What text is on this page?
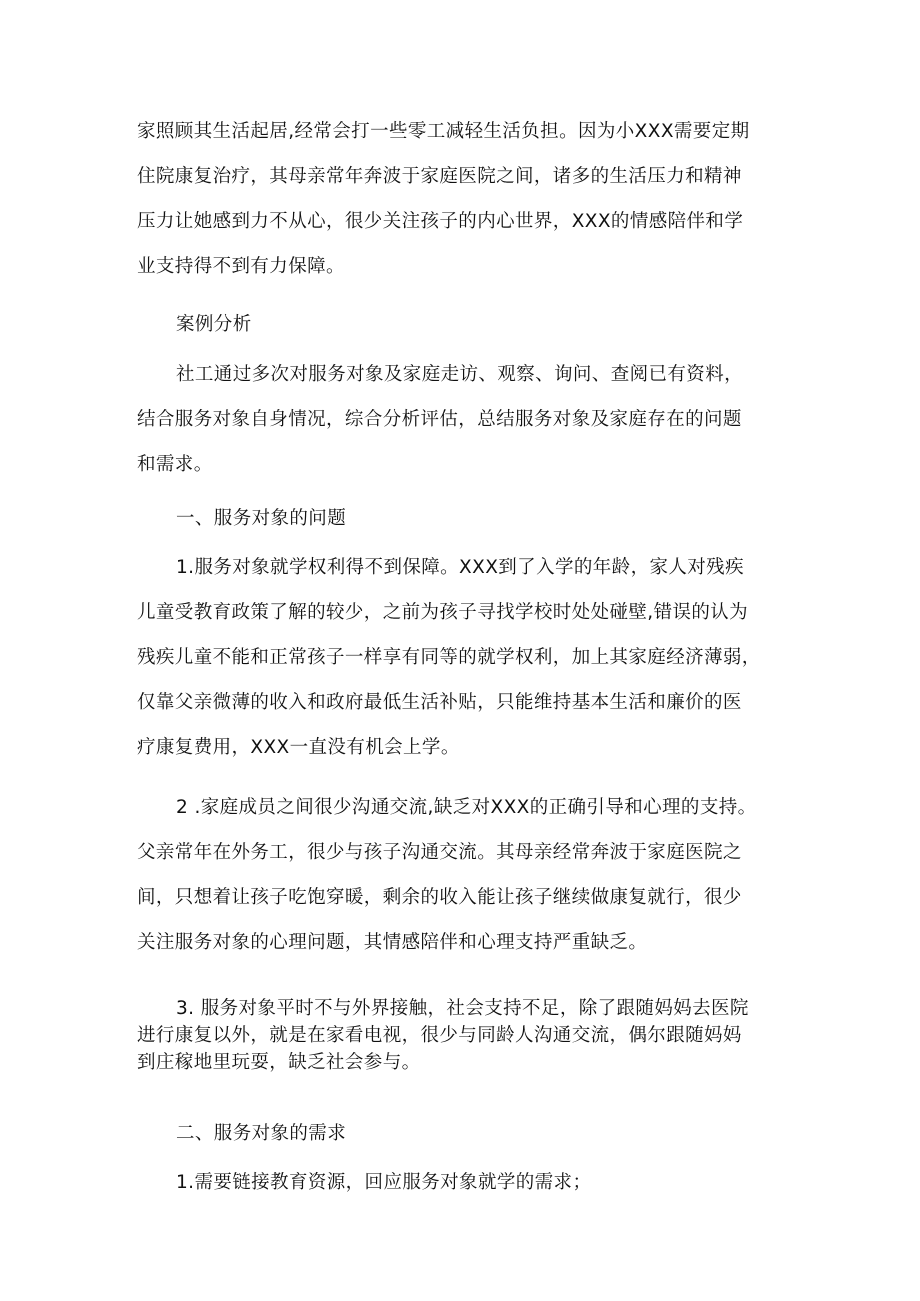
家照顾其生活起居,经常会打一些零工减轻生活负担。因为小XXX需要定期
住院康复治疗，其母亲常年奔波于家庭医院之间，诸多的生活压力和精神
压力让她感到力不从心，很少关注孩子的内心世界，XXX的情感陪伴和学
业支持得不到有力保障。
案例分析
社工通过多次对服务对象及家庭走访、观察、询问、查阅已有资料，
结合服务对象自身情况，综合分析评估，总结服务对象及家庭存在的问题
和需求。
一、服务对象的问题
1.服务对象就学权利得不到保障。XXX到了入学的年龄，家人对残疾
儿童受教育政策了解的较少，之前为孩子寻找学校时处处碰壁,错误的认为
残疾儿童不能和正常孩子一样享有同等的就学权利，加上其家庭经济薄弱，
仅靠父亲微薄的收入和政府最低生活补贴，只能维持基本生活和廉价的医
疗康复费用，XXX一直没有机会上学。
2 .家庭成员之间很少沟通交流,缺乏对XXX的正确引导和心理的支持。
父亲常年在外务工，很少与孩子沟通交流。其母亲经常奔波于家庭医院之
间，只想着让孩子吃饱穿暖，剩余的收入能让孩子继续做康复就行，很少
关注服务对象的心理问题，其情感陪伴和心理支持严重缺乏。
3. 服务对象平时不与外界接触，社会支持不足，除了跟随妈妈去医院
进行康复以外，就是在家看电视，很少与同龄人沟通交流，偶尔跟随妈妈
到庄稼地里玩耍，缺乏社会参与。
二、服务对象的需求
1.需要链接教育资源，回应服务对象就学的需求；
